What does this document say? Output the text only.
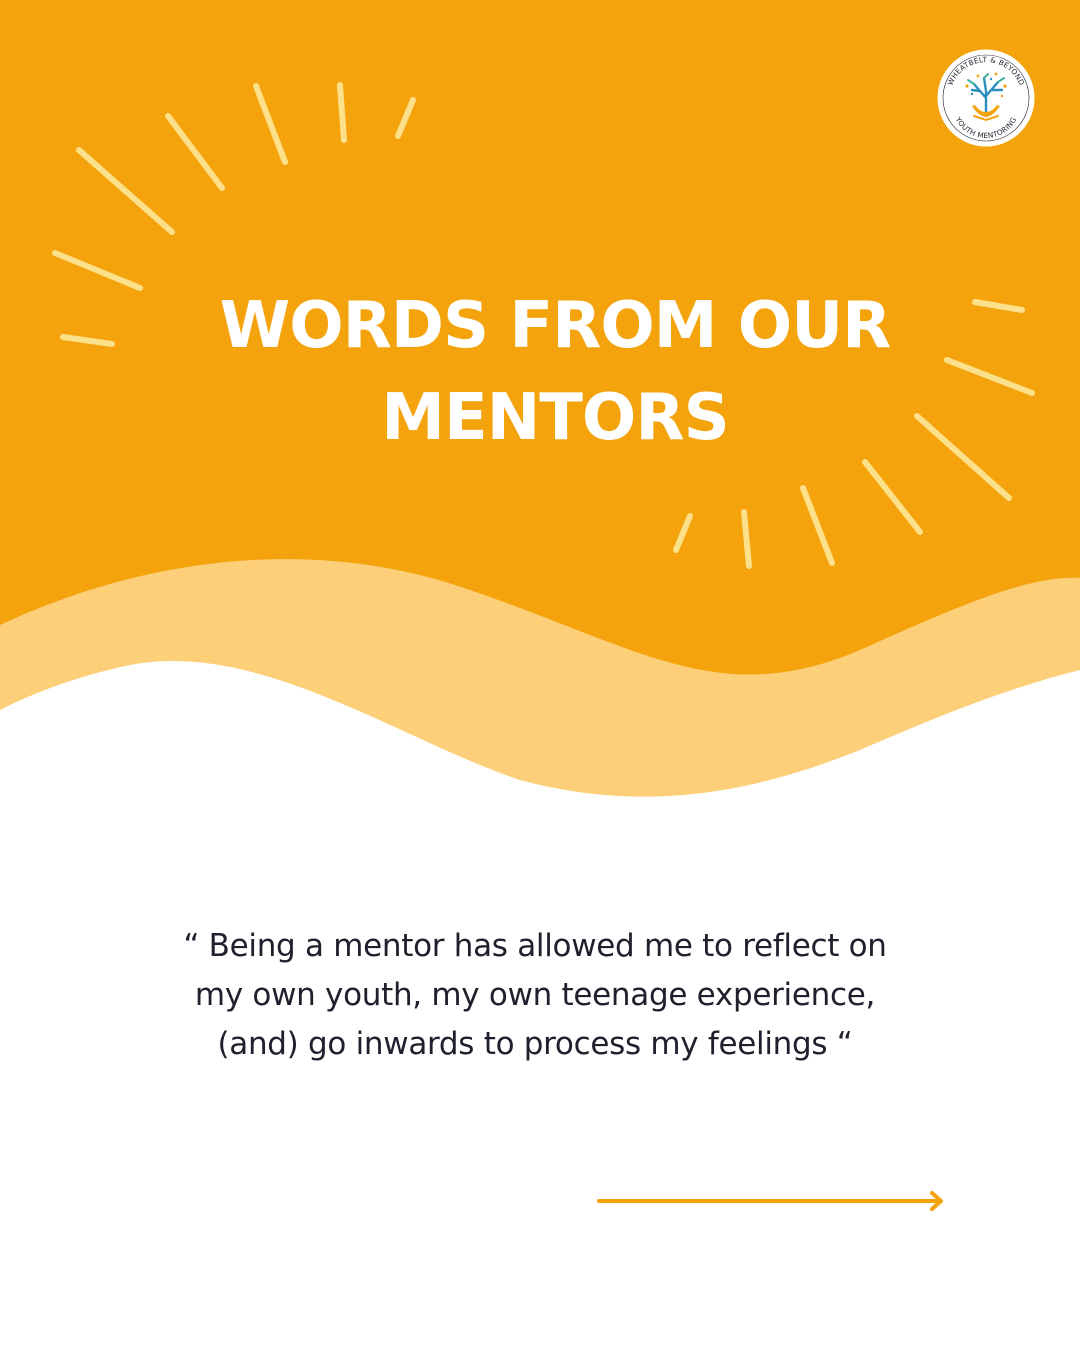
WHEATBELT & BEYOND
YOUTH MENTORING
WORDS FROM OUR
MENTORS

“ Being a mentor has allowed me to reflect on
my own youth, my own teenage experience,
(and) go inwards to process my feelings “
